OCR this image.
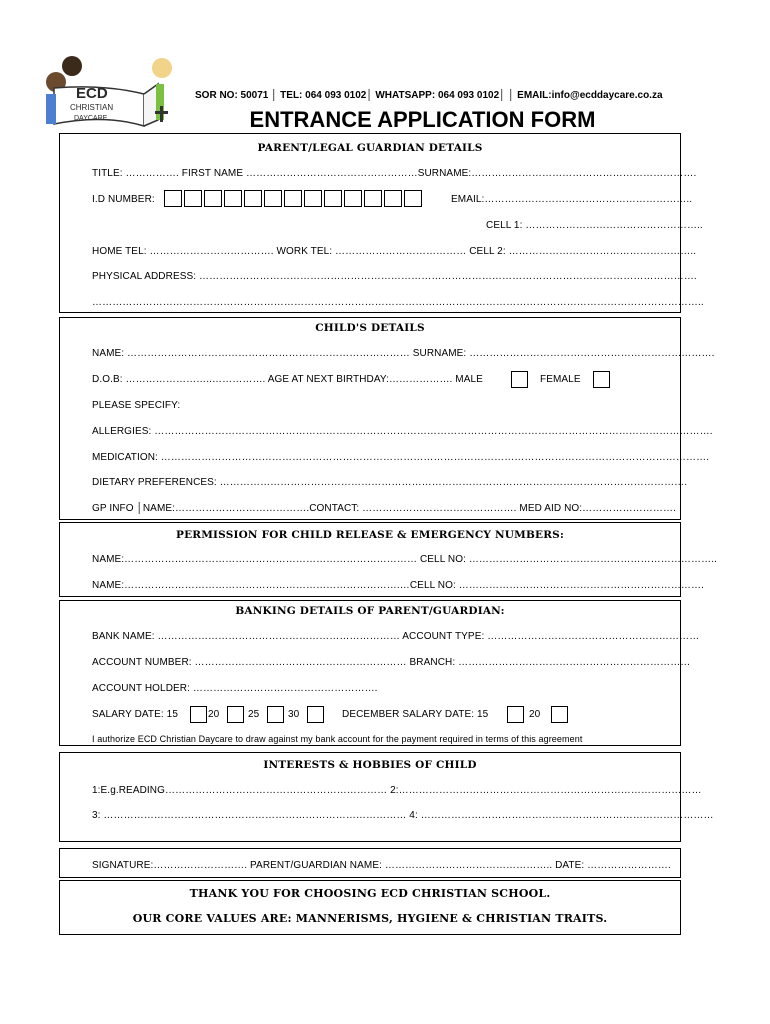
ECD
CHRISTIAN
DAYCARE
SOR NO: 50071 │ TEL: 064 093 0102│ WHATSAPP: 064 093 0102│ │ EMAIL:info@ecddaycare.co.za
ENTRANCE APPLICATION FORM
PARENT/LEGAL GUARDIAN DETAILS
TITLE: ……………. FIRST NAME ……………………………………………SURNAME:………………………………………………………….
I.D NUMBER:	EMAIL:……………………………………………………..
CELL 1: ……………………………………………..
HOME TEL: ………………………………. WORK TEL: ………………………………… CELL 2: ………………………………………………..
PHYSICAL ADDRESS: ………………………………………………………………………………………………………………………………….
………………………………………………………………………………………………………………………………………………………………..
CHILD'S DETAILS
NAME: ………………………………………………………………………… SURNAME: ……………………………………………………………….
D.O.B: ……………………..……………. AGE AT NEXT BIRTHDAY:………………. MALE	FEMALE
PLEASE SPECIFY:
ALLERGIES: ………………………………………………………………………………………………………………………………………………….
MEDICATION: ……………………………………………………………………………………………………………………………………………….
DIETARY PREFERENCES: ………………………………………………………………………………………………………………………….
GP INFO │NAME:………………………………….CONTACT: ………………………………………. MED AID NO:……………………….
PERMISSION FOR CHILD RELEASE & EMERGENCY NUMBERS:
NAME:…………………………………………………………………………… CELL NO: ………………………………………………………………..
NAME:……………………………………………………………………….…CELL NO: ……………………………………………………………….
BANKING DETAILS OF PARENT/GUARDIAN:
BANK NAME: ……………………………………………………………… ACCOUNT TYPE: ………………………………………………………
ACCOUNT NUMBER: ……………………………………………………… BRANCH: ……………………………………………………………
ACCOUNT HOLDER: ……………………………………………….
SALARY DATE: 15	20	25	30	DECEMBER SALARY DATE: 15	20
I authorize ECD Christian Daycare to draw against my bank account for the payment required in terms of this agreement
INTERESTS & HOBBIES OF CHILD
1:E.g.READING………………………………………………………… 2:………………………………………………………………………………
3: ……………………………………………………………………………… 4: ……………………………………………………………………………
SIGNATURE:………………………. PARENT/GUARDIAN NAME: ………………………………………….. DATE: …………………….
THANK YOU FOR CHOOSING ECD CHRISTIAN SCHOOL.
OUR CORE VALUES ARE: MANNERISMS, HYGIENE & CHRISTIAN TRAITS.
